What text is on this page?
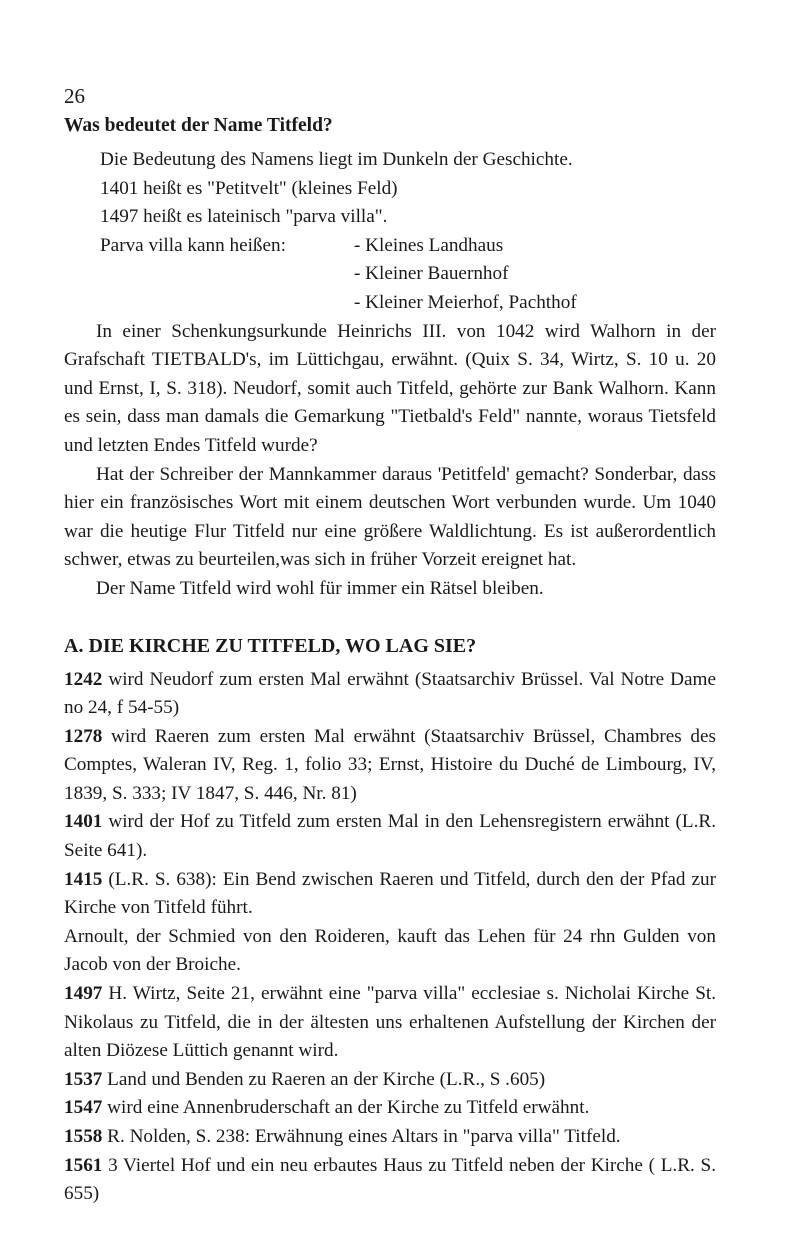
26
Was bedeutet der Name Titfeld?
Die Bedeutung des Namens liegt im Dunkeln der Geschichte.
1401 heißt es "Petitvelt" (kleines Feld)
1497 heißt es lateinisch "parva villa".
Parva villa kann heißen:	- Kleines Landhaus
- Kleiner Bauernhof
- Kleiner Meierhof, Pachthof
In einer Schenkungsurkunde Heinrichs III. von 1042 wird Walhorn in der Grafschaft TIETBALD's, im Lüttichgau, erwähnt. (Quix S. 34, Wirtz, S. 10 u. 20 und Ernst, I, S. 318). Neudorf, somit auch Titfeld, gehörte zur Bank Walhorn. Kann es sein, dass man damals die Gemarkung "Tietbald's Feld" nannte, woraus Tietsfeld und letzten Endes Titfeld wurde?
Hat der Schreiber der Mannkammer daraus 'Petitfeld' gemacht? Sonderbar, dass hier ein französisches Wort mit einem deutschen Wort verbunden wurde. Um 1040 war die heutige Flur Titfeld nur eine größere Waldlichtung. Es ist außerordentlich schwer, etwas zu beurteilen,was sich in früher Vorzeit ereignet hat.
Der Name Titfeld wird wohl für immer ein Rätsel bleiben.
A. DIE KIRCHE ZU TITFELD, WO LAG SIE?
1242 wird Neudorf zum ersten Mal erwähnt (Staatsarchiv Brüssel. Val Notre Dame no 24, f 54-55)
1278 wird Raeren zum ersten Mal erwähnt (Staatsarchiv Brüssel, Chambres des Comptes, Waleran IV, Reg. 1, folio 33; Ernst, Histoire du Duché de Limbourg, IV, 1839, S. 333; IV 1847, S. 446, Nr. 81)
1401 wird der Hof zu Titfeld zum ersten Mal in den Lehensregistern erwähnt (L.R. Seite 641).
1415 (L.R. S. 638): Ein Bend zwischen Raeren und Titfeld, durch den der Pfad zur Kirche von Titfeld führt.
Arnoult, der Schmied von den Roideren, kauft das Lehen für 24 rhn Gulden von Jacob von der Broiche.
1497 H. Wirtz, Seite 21, erwähnt eine "parva villa" ecclesiae s. Nicholai Kirche St. Nikolaus zu Titfeld, die in der ältesten uns erhaltenen Aufstellung der Kirchen der alten Diözese Lüttich genannt wird.
1537 Land und Benden zu Raeren an der Kirche (L.R., S .605)
1547 wird eine Annenbruderschaft an der Kirche zu Titfeld erwähnt.
1558 R. Nolden, S. 238: Erwähnung eines Altars in "parva villa" Titfeld.
1561 3 Viertel Hof und ein neu erbautes Haus zu Titfeld neben der Kirche ( L.R. S. 655)
